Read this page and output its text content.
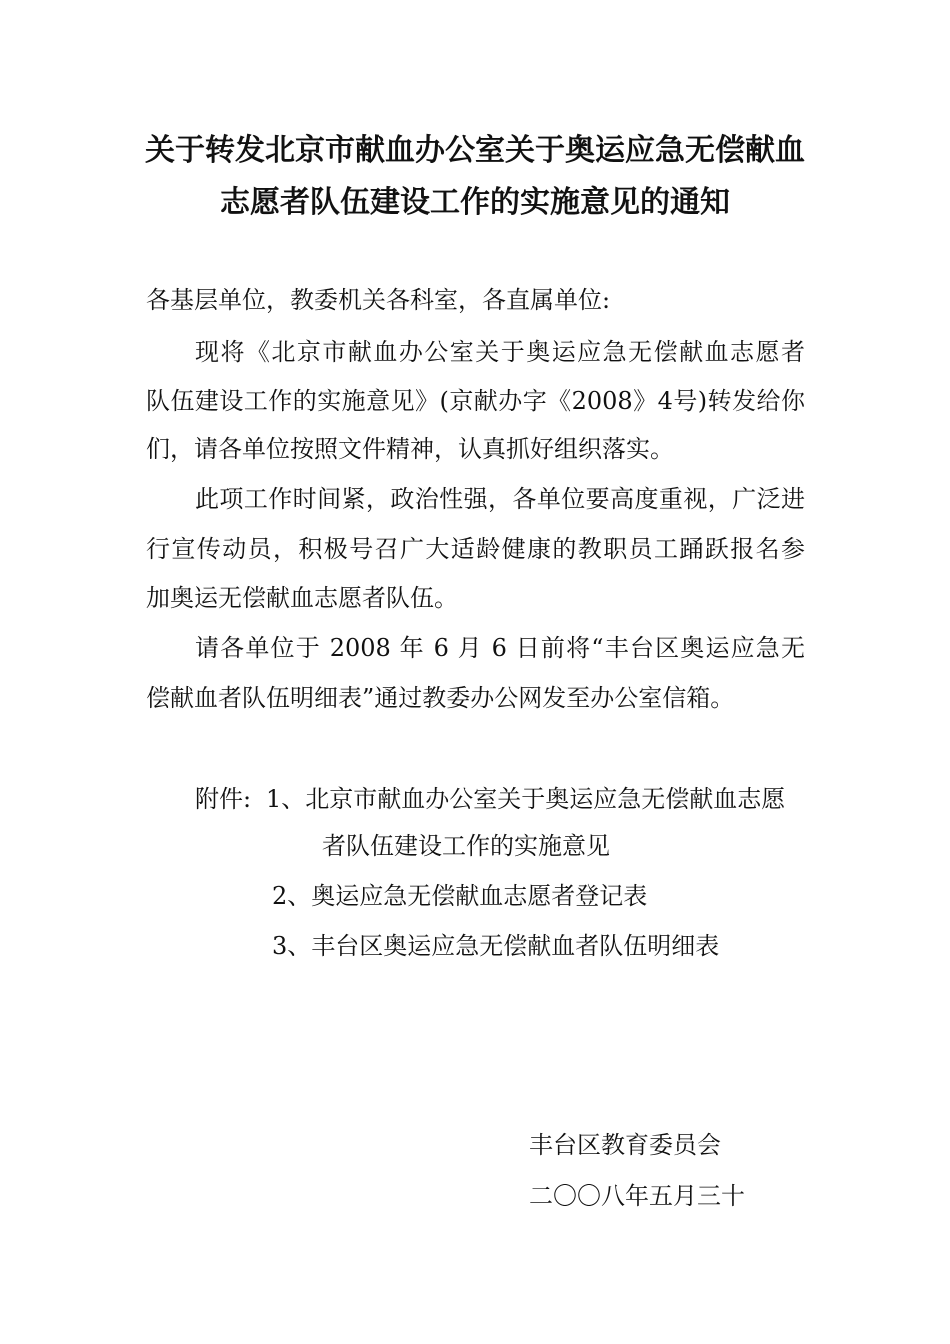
关于转发北京市献血办公室关于奥运应急无偿献血
志愿者队伍建设工作的实施意见的通知

各基层单位，教委机关各科室，各直属单位:

现将《北京市献血办公室关于奥运应急无偿献血志愿者

队伍建设工作的实施意见》(京献办字《2008》4号)转发给你

们，请各单位按照文件精神，认真抓好组织落实。

此项工作时间紧，政治性强，各单位要高度重视，广泛进

行宣传动员，积极号召广大适龄健康的教职员工踊跃报名参

加奥运无偿献血志愿者队伍。

请各单位于 2008 年 6 月 6 日前将“丰台区奥运应急无

偿献血者队伍明细表”通过教委办公网发至办公室信箱。

附件: 1、北京市献血办公室关于奥运应急无偿献血志愿

者队伍建设工作的实施意见

2、奥运应急无偿献血志愿者登记表

3、丰台区奥运应急无偿献血者队伍明细表

丰台区教育委员会

二〇〇八年五月三十
